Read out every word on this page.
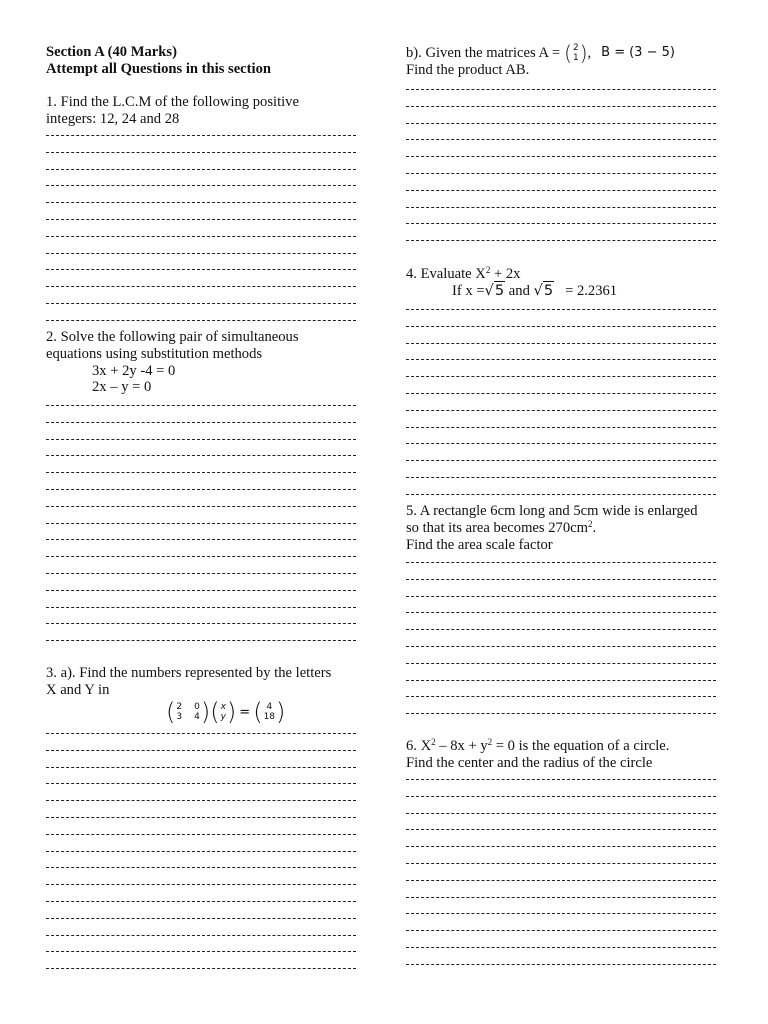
Section A (40 Marks)
Attempt all Questions in this section
1. Find the L.C.M of the following positive
integers: 12, 24 and 28
2. Solve the following pair of simultaneous
equations using substitution methods
3x + 2y -4 = 0
2x – y = 0
3. a). Find the numbers represented by the letters
X and Y in
( 2
3
0
4 ) ( x
y ) = ( 4
18 )
b). Given the matrices A = ( 2
1 ) , B = (3 − 5)
Find the product AB.
4. Evaluate $X^2 + 2x$
If x =√5 and √5   = 2.2361
5. A rectangle 6cm long and 5cm wide is enlarged
so that its area becomes $270cm^2$.
Find the area scale factor
6. $X^2 - 8x + y^2 = 0$ is the equation of a circle.
Find the center and the radius of the circle
